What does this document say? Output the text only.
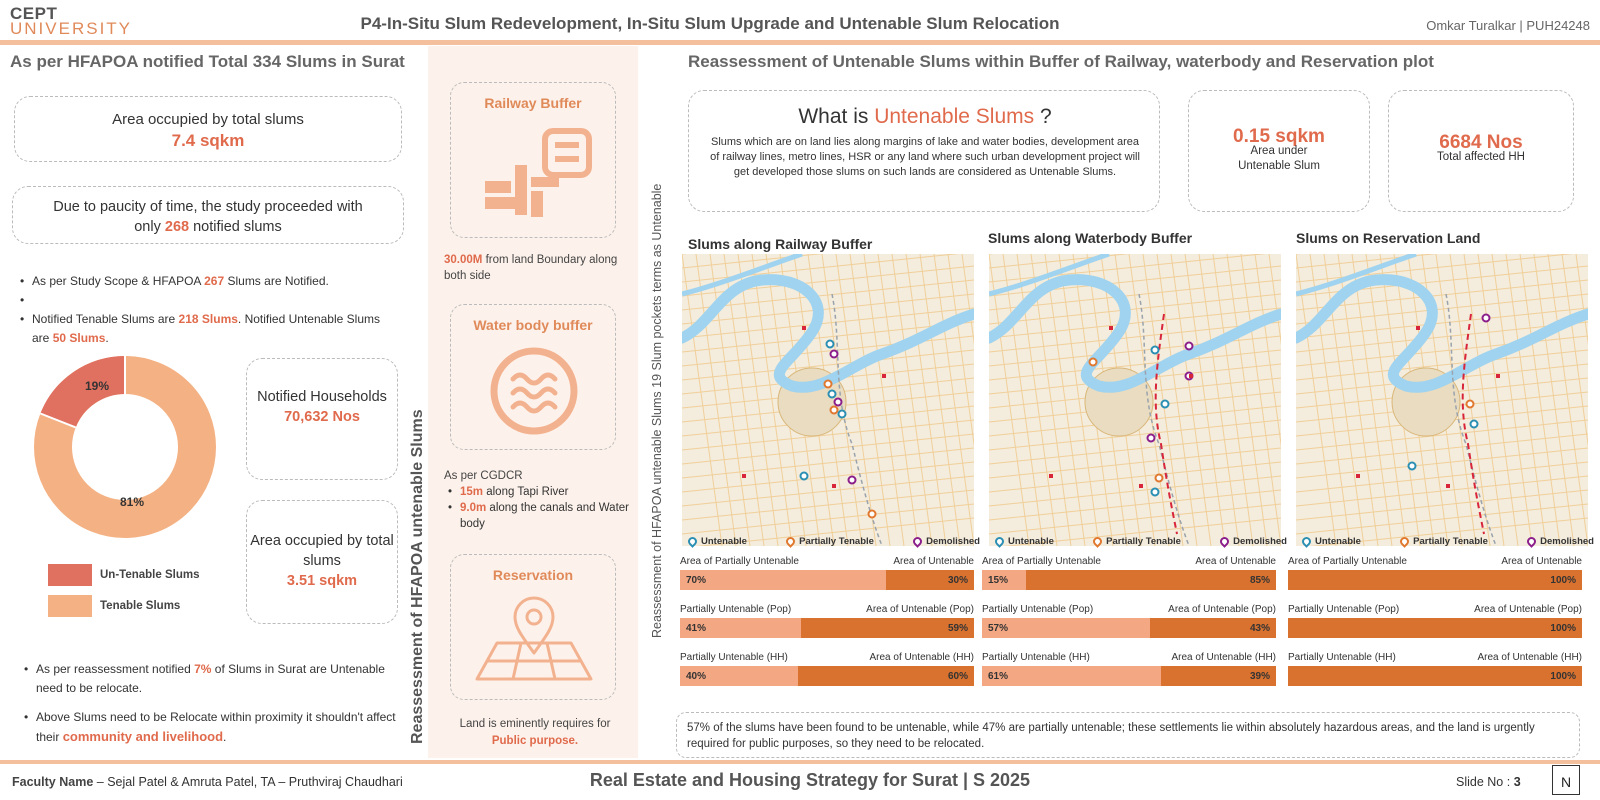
CEPT
UNIVERSITY	P4-In-Situ Slum Redevelopment, In-Situ Slum Upgrade and Untenable Slum Relocation	Omkar Turalkar | PUH24248
As per HFAPOA notified Total 334 Slums in Surat
Area occupied by total slums
7.4 sqkm
Due to paucity of time, the study proceeded with
only 268 notified slums
• As per Study Scope & HFAPOA 267 Slums are Notified.
•
• Notified Tenable Slums are 218 Slums. Notified Untenable Slums are 50 Slums.
19%
81%
Un-Tenable Slums
Tenable Slums
Notified Households
70,632 Nos
Area occupied by total slums
3.51 sqkm
• As per reassessment notified 7% of Slums in Surat are Untenable need to be relocate.
• Above Slums need to be Relocate within proximity it shouldn't affect their community and livelihood.	Reassessment of HFAPOA untenable Slums
Railway Buffer
30.00M from land Boundary along both side
Water body buffer
As per CGDCR
• 15m along Tapi River
• 9.0m along the canals and Water body
Reservation
Land is eminently requires for
Public purpose.
Reassessment of HFAPOA untenable Slums 19 Slum pockets terms as Untenable
Reassessment of Untenable Slums within Buffer of Railway, waterbody and Reservation plot
What is Untenable Slums ?
Slums which are on land lies along margins of lake and water bodies, development area of railway lines, metro lines, HSR or any land where such urban development project will get developed those slums on such lands are considered as Untenable Slums.
0.15 sqkm
Area under
Untenable Slum
6684 Nos
Total affected HH
Slums along Railway Buffer	Slums along Waterbody Buffer	Slums on Reservation Land
Untenable	Partially Tenable	Demolished	Untenable	Partially Tenable	Demolished	Untenable	Partially Tenable	Demolished
Area of Partially Untenable	Area of Untenable
70%	30%
Partially Untenable (Pop)	Area of Untenable (Pop)
41%	59%
Partially Untenable (HH)	Area of Untenable (HH)
40%	60%
Area of Partially Untenable	Area of Untenable
15%	85%
Partially Untenable (Pop)	Area of Untenable (Pop)
57%	43%
Partially Untenable (HH)	Area of Untenable (HH)
61%	39%
Area of Partially Untenable	Area of Untenable
100%
Partially Untenable (Pop)	Area of Untenable (Pop)
100%
Partially Untenable (HH)	Area of Untenable (HH)
100%
57% of the slums have been found to be untenable, while 47% are partially untenable; these settlements lie within absolutely hazardous areas, and the land is urgently required for public purposes, so they need to be relocated.
Faculty Name – Sejal Patel & Amruta Patel, TA – Pruthviraj Chaudhari	Real Estate and Housing Strategy for Surat | S 2025	Slide No : 3	N
